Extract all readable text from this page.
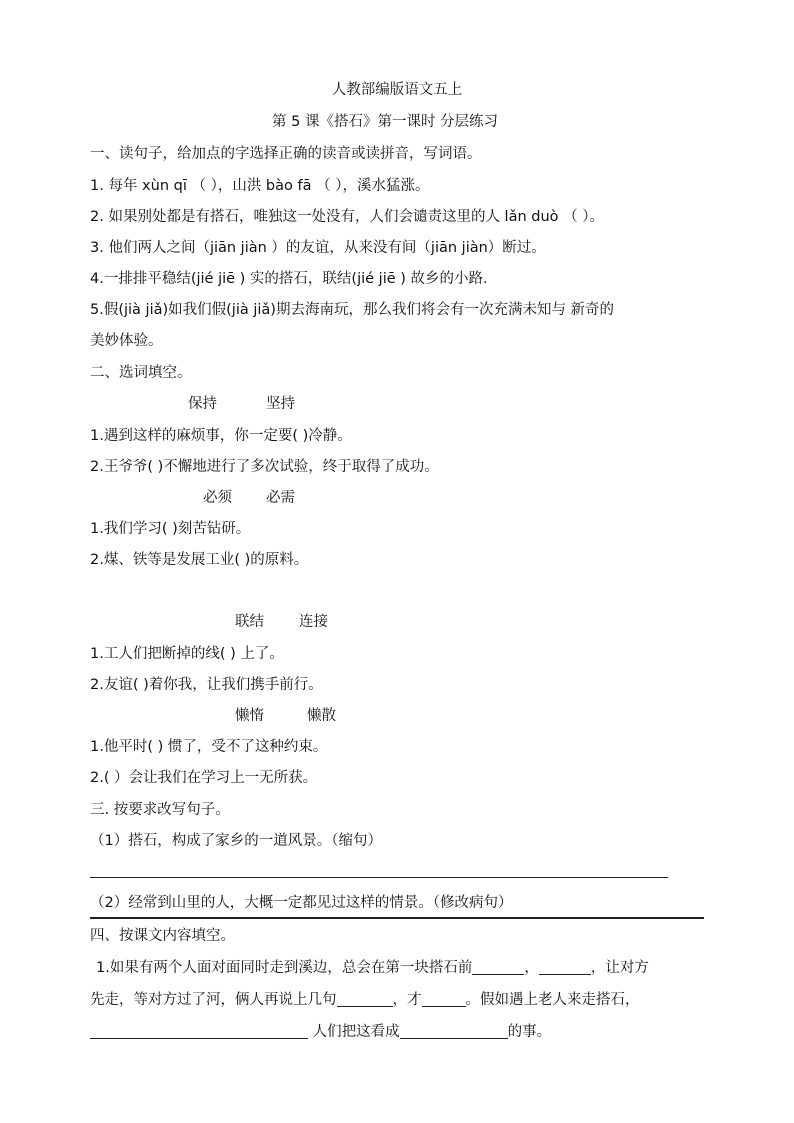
人教部编版语文五上
第 5 课《搭石》第一课时 分层练习
一、读句子，给加点的字选择正确的读音或读拼音，写词语。
1. 每年 xùn qī （ ），山洪 bào fā （ ），溪水猛涨。
2. 如果别处都是有搭石，唯独这一处没有，人们会谴责这里的人 lǎn duò （ ）。
3. 他们两人之间（jiān jiàn ）的友谊，从来没有间（jiān jiàn）断过。
4.一排排平稳结(jié jiē ) 实的搭石，联结(jié jiē ) 故乡的小路.
5.假(jià jiǎ)如我们假(jià jiǎ)期去海南玩，那么我们将会有一次充满未知与 新奇的
美妙体验。
二、选词填空。
保持	坚持
1.遇到这样的麻烦事，你一定要( )冷静。
2.王爷爷( )不懈地进行了多次试验，终于取得了成功。
必须 必需
1.我们学习( )刻苦钻研。
2.煤、铁等是发展工业( )的原料。
联结 连接
1.工人们把断掉的线( ) 上了。
2.友谊( )着你我，让我们携手前行。
懒惰	懒散
1.他平时( ) 惯了，受不了这种约束。
2.( ）会让我们在学习上一无所获。
三. 按要求改写句子。
（1）搭石，构成了家乡的一道风景。（缩句）
（2）经常到山里的人，大概一定都见过这样的情景。（修改病句）
四、按课文内容填空。
1.如果有两个人面对面同时走到溪边，总会在第一块搭石前	，	，让对方
先走，等对方过了河，俩人再说上几句	，才	。假如遇上老人来走搭石，
人们把这看成	的事。
